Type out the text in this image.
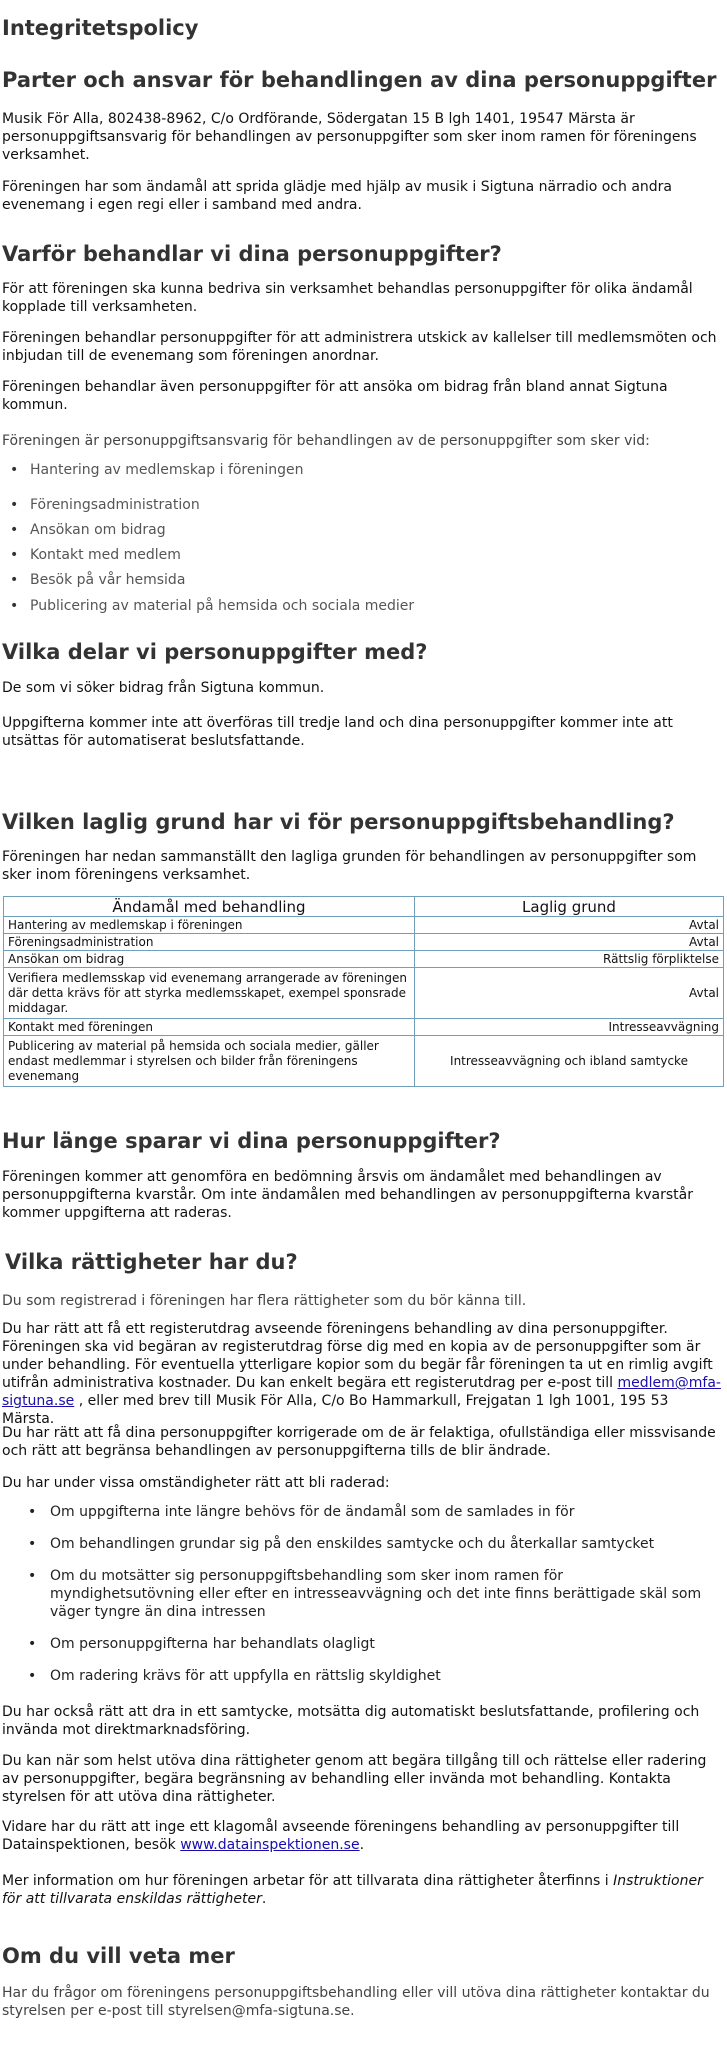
Integritetspolicy
Parter och ansvar för behandlingen av dina personuppgifter

Musik För Alla, 802438-8962, C/o Ordförande, Södergatan 15 B lgh 1401, 19547 Märsta är personuppgiftsansvarig för behandlingen av personuppgifter som sker inom ramen för föreningens verksamhet.

Föreningen har som ändamål att sprida glädje med hjälp av musik i Sigtuna närradio och andra evenemang i egen regi eller i samband med andra.

Varför behandlar vi dina personuppgifter?

För att föreningen ska kunna bedriva sin verksamhet behandlas personuppgifter för olika ändamål kopplade till verksamheten.

Föreningen behandlar personuppgifter för att administrera utskick av kallelser till medlemsmöten och inbjudan till de evenemang som föreningen anordnar.

Föreningen behandlar även personuppgifter för att ansöka om bidrag från bland annat Sigtuna kommun.

Föreningen är personuppgiftsansvarig för behandlingen av de personuppgifter som sker vid:

• Hantering av medlemskap i föreningen
• Föreningsadministration
• Ansökan om bidrag
• Kontakt med medlem
• Besök på vår hemsida
• Publicering av material på hemsida och sociala medier
Vilka delar vi personuppgifter med?

De som vi söker bidrag från Sigtuna kommun.

Uppgifterna kommer inte att överföras till tredje land och dina personuppgifter kommer inte att utsättas för automatiserat beslutsfattande.

Vilken laglig grund har vi för personuppgiftsbehandling?

Föreningen har nedan sammanställt den lagliga grunden för behandlingen av personuppgifter som sker inom föreningens verksamhet.

Ändamål med behandling	Laglig grund
Hantering av medlemskap i föreningen	Avtal
Föreningsadministration	Avtal
Ansökan om bidrag	Rättslig förpliktelse
Verifiera medlemsskap vid evenemang arrangerade av föreningen där detta krävs för att styrka medlemsskapet, exempel sponsrade middagar.	Avtal
Kontakt med föreningen	Intresseavvägning
Publicering av material på hemsida och sociala medier, gäller endast medlemmar i styrelsen och bilder från föreningens evenemang	Intresseavvägning och ibland samtycke
Hur länge sparar vi dina personuppgifter?

Föreningen kommer att genomföra en bedömning årsvis om ändamålet med behandlingen av personuppgifterna kvarstår. Om inte ändamålen med behandlingen av personuppgifterna kvarstår kommer uppgifterna att raderas.

Vilka rättigheter har du?

Du som registrerad i föreningen har flera rättigheter som du bör känna till.

Du har rätt att få ett registerutdrag avseende föreningens behandling av dina personuppgifter. Föreningen ska vid begäran av registerutdrag förse dig med en kopia av de personuppgifter som är under behandling. För eventuella ytterligare kopior som du begär får föreningen ta ut en rimlig avgift utifrån administrativa kostnader. Du kan enkelt begära ett registerutdrag per e-post till medlem@mfa-sigtuna.se , eller med brev till Musik För Alla, C/o Bo Hammarkull, Frejgatan 1 lgh 1001, 195 53 Märsta.

Du har rätt att få dina personuppgifter korrigerade om de är felaktiga, ofullständiga eller missvisande och rätt att begränsa behandlingen av personuppgifterna tills de blir ändrade.

Du har under vissa omständigheter rätt att bli raderad:

• Om uppgifterna inte längre behövs för de ändamål som de samlades in för
• Om behandlingen grundar sig på den enskildes samtycke och du återkallar samtycket
• Om du motsätter sig personuppgiftsbehandling som sker inom ramen för myndighetsutövning eller efter en intresseavvägning och det inte finns berättigade skäl som väger tyngre än dina intressen
• Om personuppgifterna har behandlats olagligt
• Om radering krävs för att uppfylla en rättslig skyldighet

Du har också rätt att dra in ett samtycke, motsätta dig automatiskt beslutsfattande, profilering och invända mot direktmarknadsföring.

Du kan när som helst utöva dina rättigheter genom att begära tillgång till och rättelse eller radering av personuppgifter, begära begränsning av behandling eller invända mot behandling. Kontakta styrelsen för att utöva dina rättigheter.

Vidare har du rätt att inge ett klagomål avseende föreningens behandling av personuppgifter till Datainspektionen, besök www.datainspektionen.se.

Mer information om hur föreningen arbetar för att tillvarata dina rättigheter återfinns i Instruktioner för att tillvarata enskildas rättigheter.

Om du vill veta mer

Har du frågor om föreningens personuppgiftsbehandling eller vill utöva dina rättigheter kontaktar du styrelsen per e-post till styrelsen@mfa-sigtuna.se.
